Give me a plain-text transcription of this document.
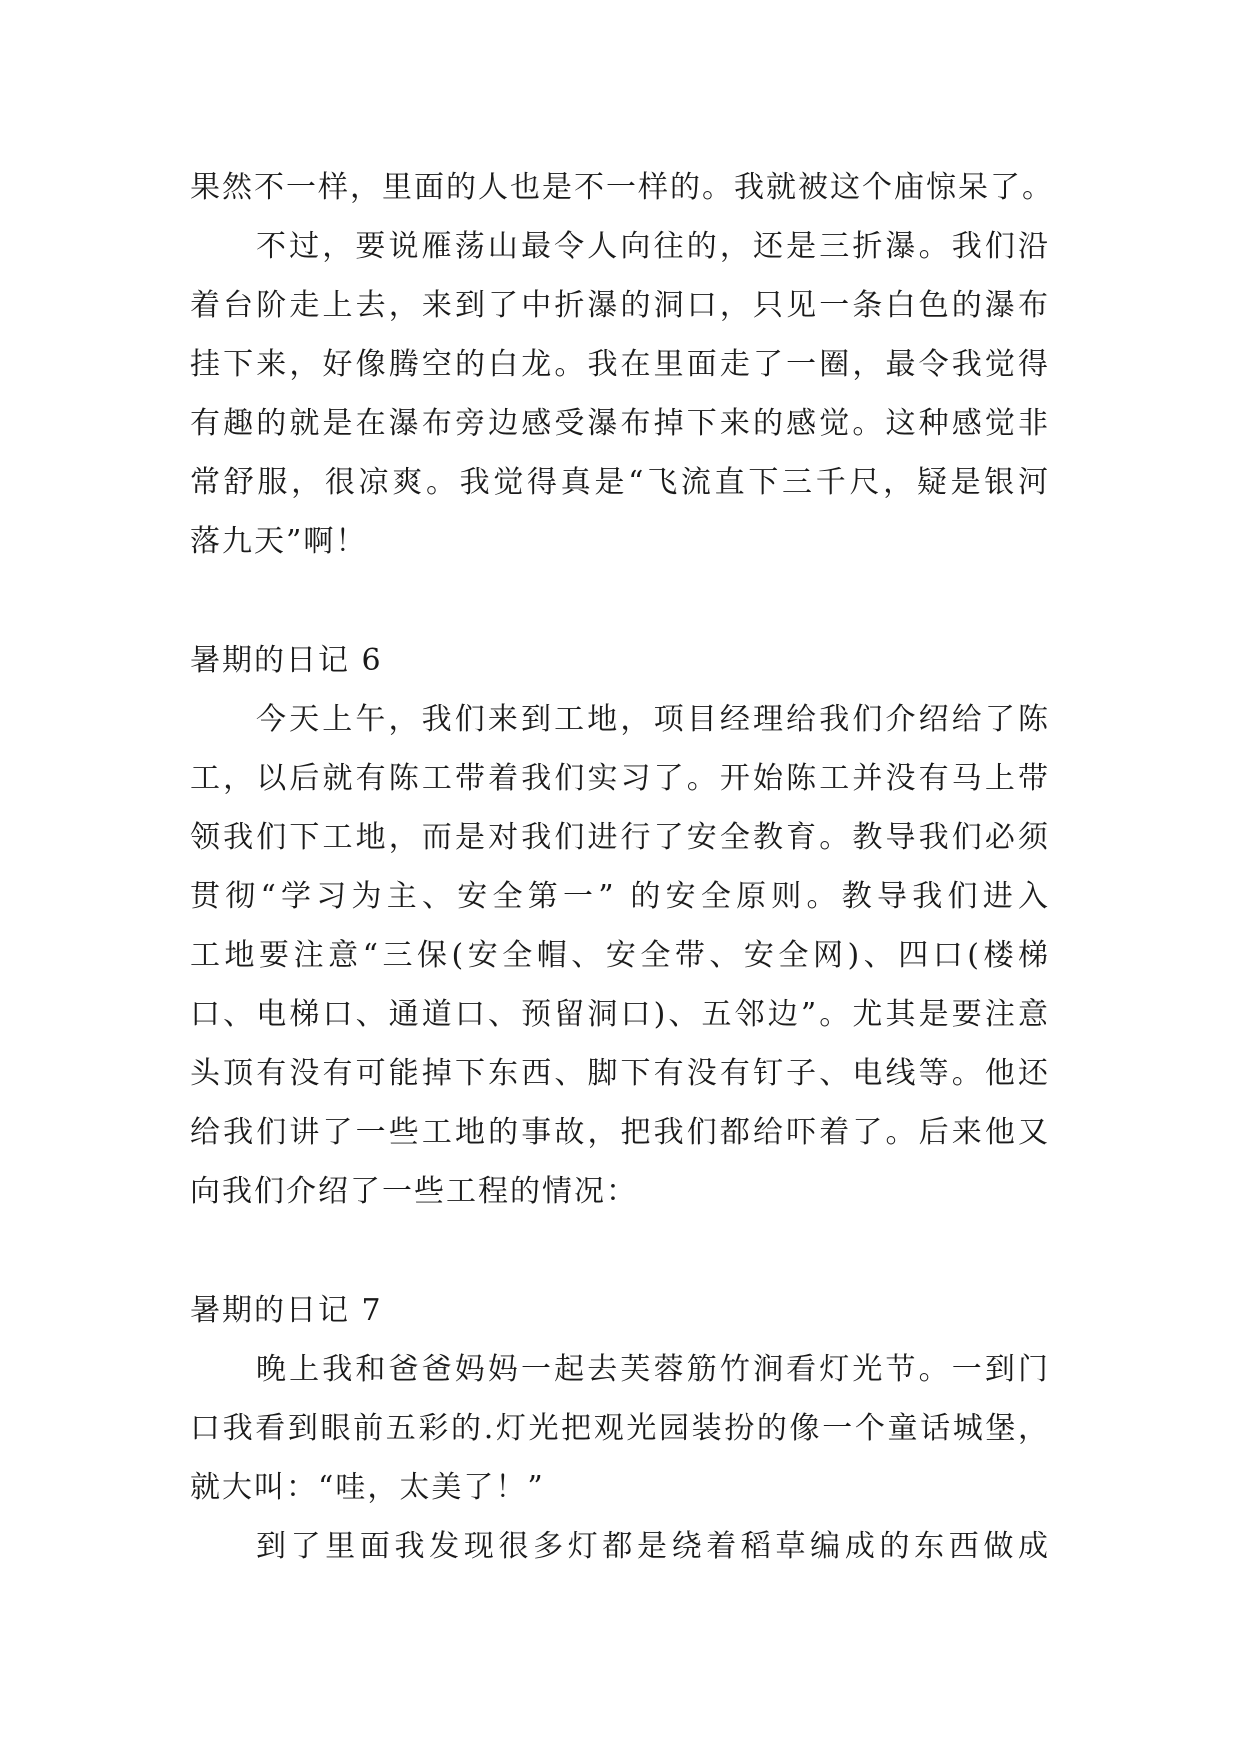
果然不一样，里面的人也是不一样的。我就被这个庙惊呆了。
不过，要说雁荡山最令人向往的，还是三折瀑。我们沿
着台阶走上去，来到了中折瀑的洞口，只见一条白色的瀑布
挂下来，好像腾空的白龙。我在里面走了一圈，最令我觉得
有趣的就是在瀑布旁边感受瀑布掉下来的感觉。这种感觉非
常舒服，很凉爽。我觉得真是“飞流直下三千尺，疑是银河
落九天”啊！
暑期的日记 6
今天上午，我们来到工地，项目经理给我们介绍给了陈
工，以后就有陈工带着我们实习了。开始陈工并没有马上带
领我们下工地，而是对我们进行了安全教育。教导我们必须
贯彻“学习为主、安全第一” 的安全原则。教导我们进入
工地要注意“三保(安全帽、安全带、安全网)、四口(楼梯
口、电梯口、通道口、预留洞口)、五邻边”。尤其是要注意
头顶有没有可能掉下东西、脚下有没有钉子、电线等。他还
给我们讲了一些工地的事故，把我们都给吓着了。后来他又
向我们介绍了一些工程的情况：
暑期的日记 7
晚上我和爸爸妈妈一起去芙蓉筋竹涧看灯光节。一到门
口我看到眼前五彩的.灯光把观光园装扮的像一个童话城堡，
就大叫：“哇，太美了！”
到了里面我发现很多灯都是绕着稻草编成的东西做成
